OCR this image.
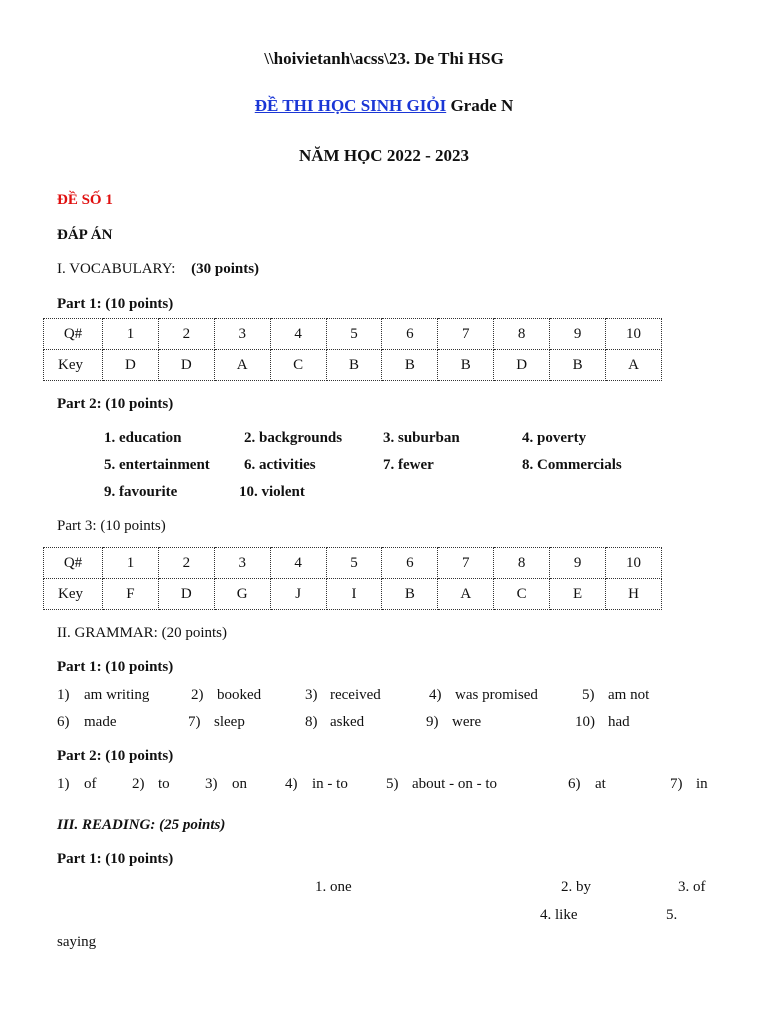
\\hoivietanh\acss\23. De Thi HSG
ĐỀ THI HỌC SINH GIỎI Grade N
NĂM HỌC 2022 - 2023
ĐỀ SỐ 1
ĐÁP ÁN
I. VOCABULARY: (30 points)
Part 1: (10 points)
Q#	1	2	3	4	5	6	7	8	9	10
Key	D	D	A	C	B	B	B	D	B	A
Part 2: (10 points)
1. education	2. backgrounds	3. suburban	4. poverty
5. entertainment 6. activities	7. fewer	8. Commercials
9. favourite	10. violent
Part 3: (10 points)
Q#	1	2	3	4	5	6	7	8	9	10
Key	F	D	G	J	I	B	A	C	E	H
II. GRAMMAR: (20 points)
Part 1: (10 points)
1) am writing	2) booked	3) received	4) was promised	5) am not
6) made	7) sleep	8) asked	9) were	10) had
Part 2: (10 points)
1) of 2) to 3) on	4) in - to	5) about - on - to	6) at	7) in
III. READING: (25 points)
Part 1: (10 points)
1. one	2. by	3. of
4. like	5.
saying
